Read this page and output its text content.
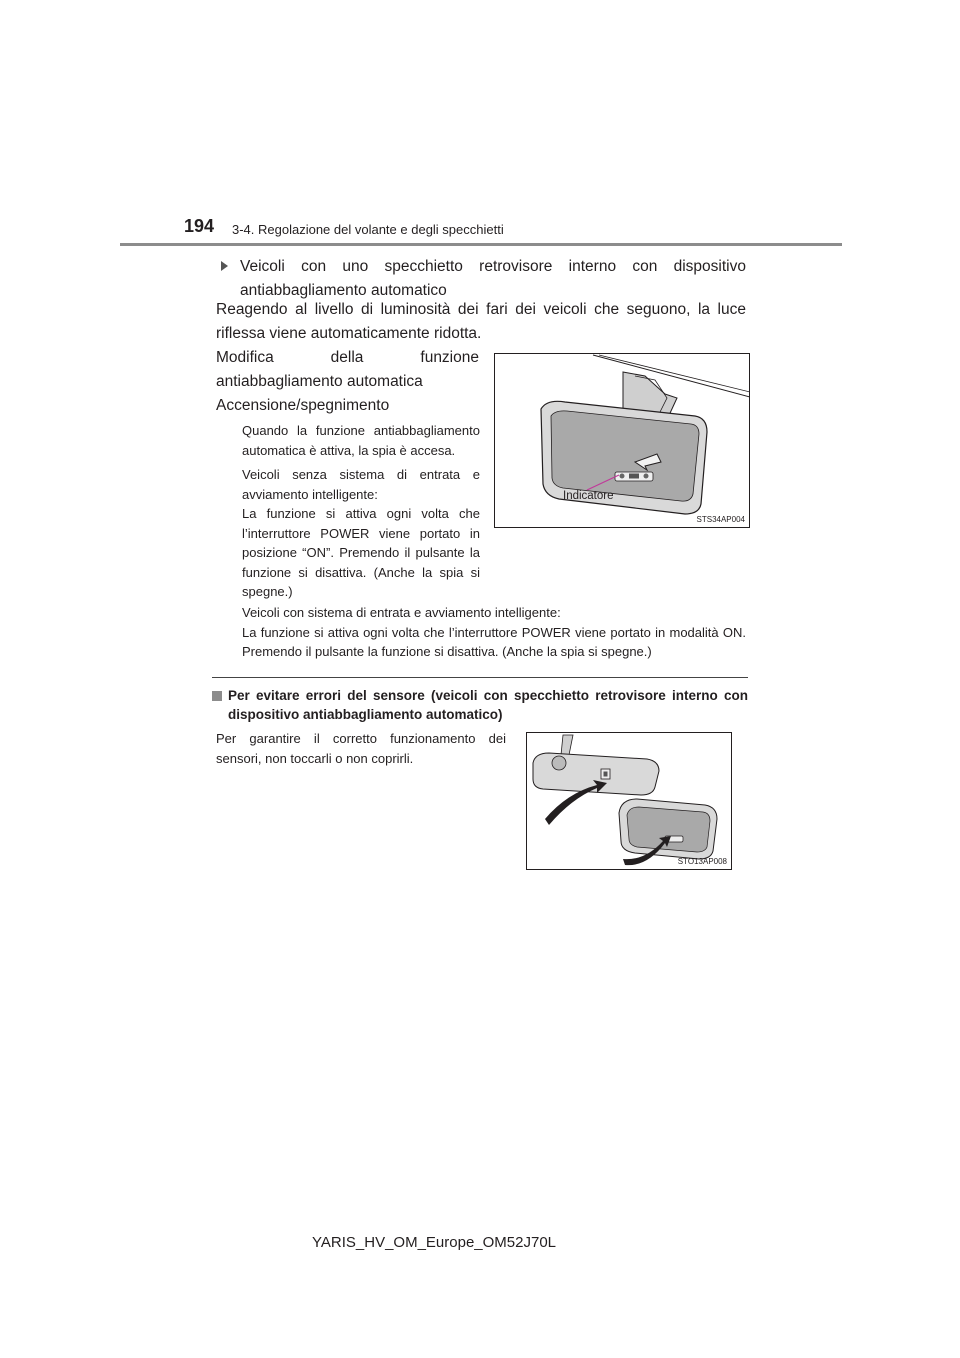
194 3-4. Regolazione del volante e degli specchietti
Veicoli con uno specchietto retrovisore interno con dispositivo antiabbagliamento automatico
Reagendo al livello di luminosità dei fari dei veicoli che seguono, la luce riflessa viene automaticamente ridotta.
Modifica della funzione antiabbagliamento automatica
Accensione/spegnimento
Quando la funzione antiabbagliamento automatica è attiva, la spia è accesa.
Veicoli senza sistema di entrata e avviamento intelligente:
La funzione si attiva ogni volta che l’interruttore POWER viene portato in posizione “ON”. Premendo il pulsante la funzione si disattiva. (Anche la spia si spegne.)
Veicoli con sistema di entrata e avviamento intelligente:
La funzione si attiva ogni volta che l’interruttore POWER viene portato in modalità ON. Premendo il pulsante la funzione si disattiva. (Anche la spia si spegne.)
Indicatore
STS34AP004
Per evitare errori del sensore (veicoli con specchietto retrovisore interno con dispositivo antiabbagliamento automatico)
Per garantire il corretto funzionamento dei sensori, non toccarli o non coprirli.
STO13AP008
YARIS_HV_OM_Europe_OM52J70L
